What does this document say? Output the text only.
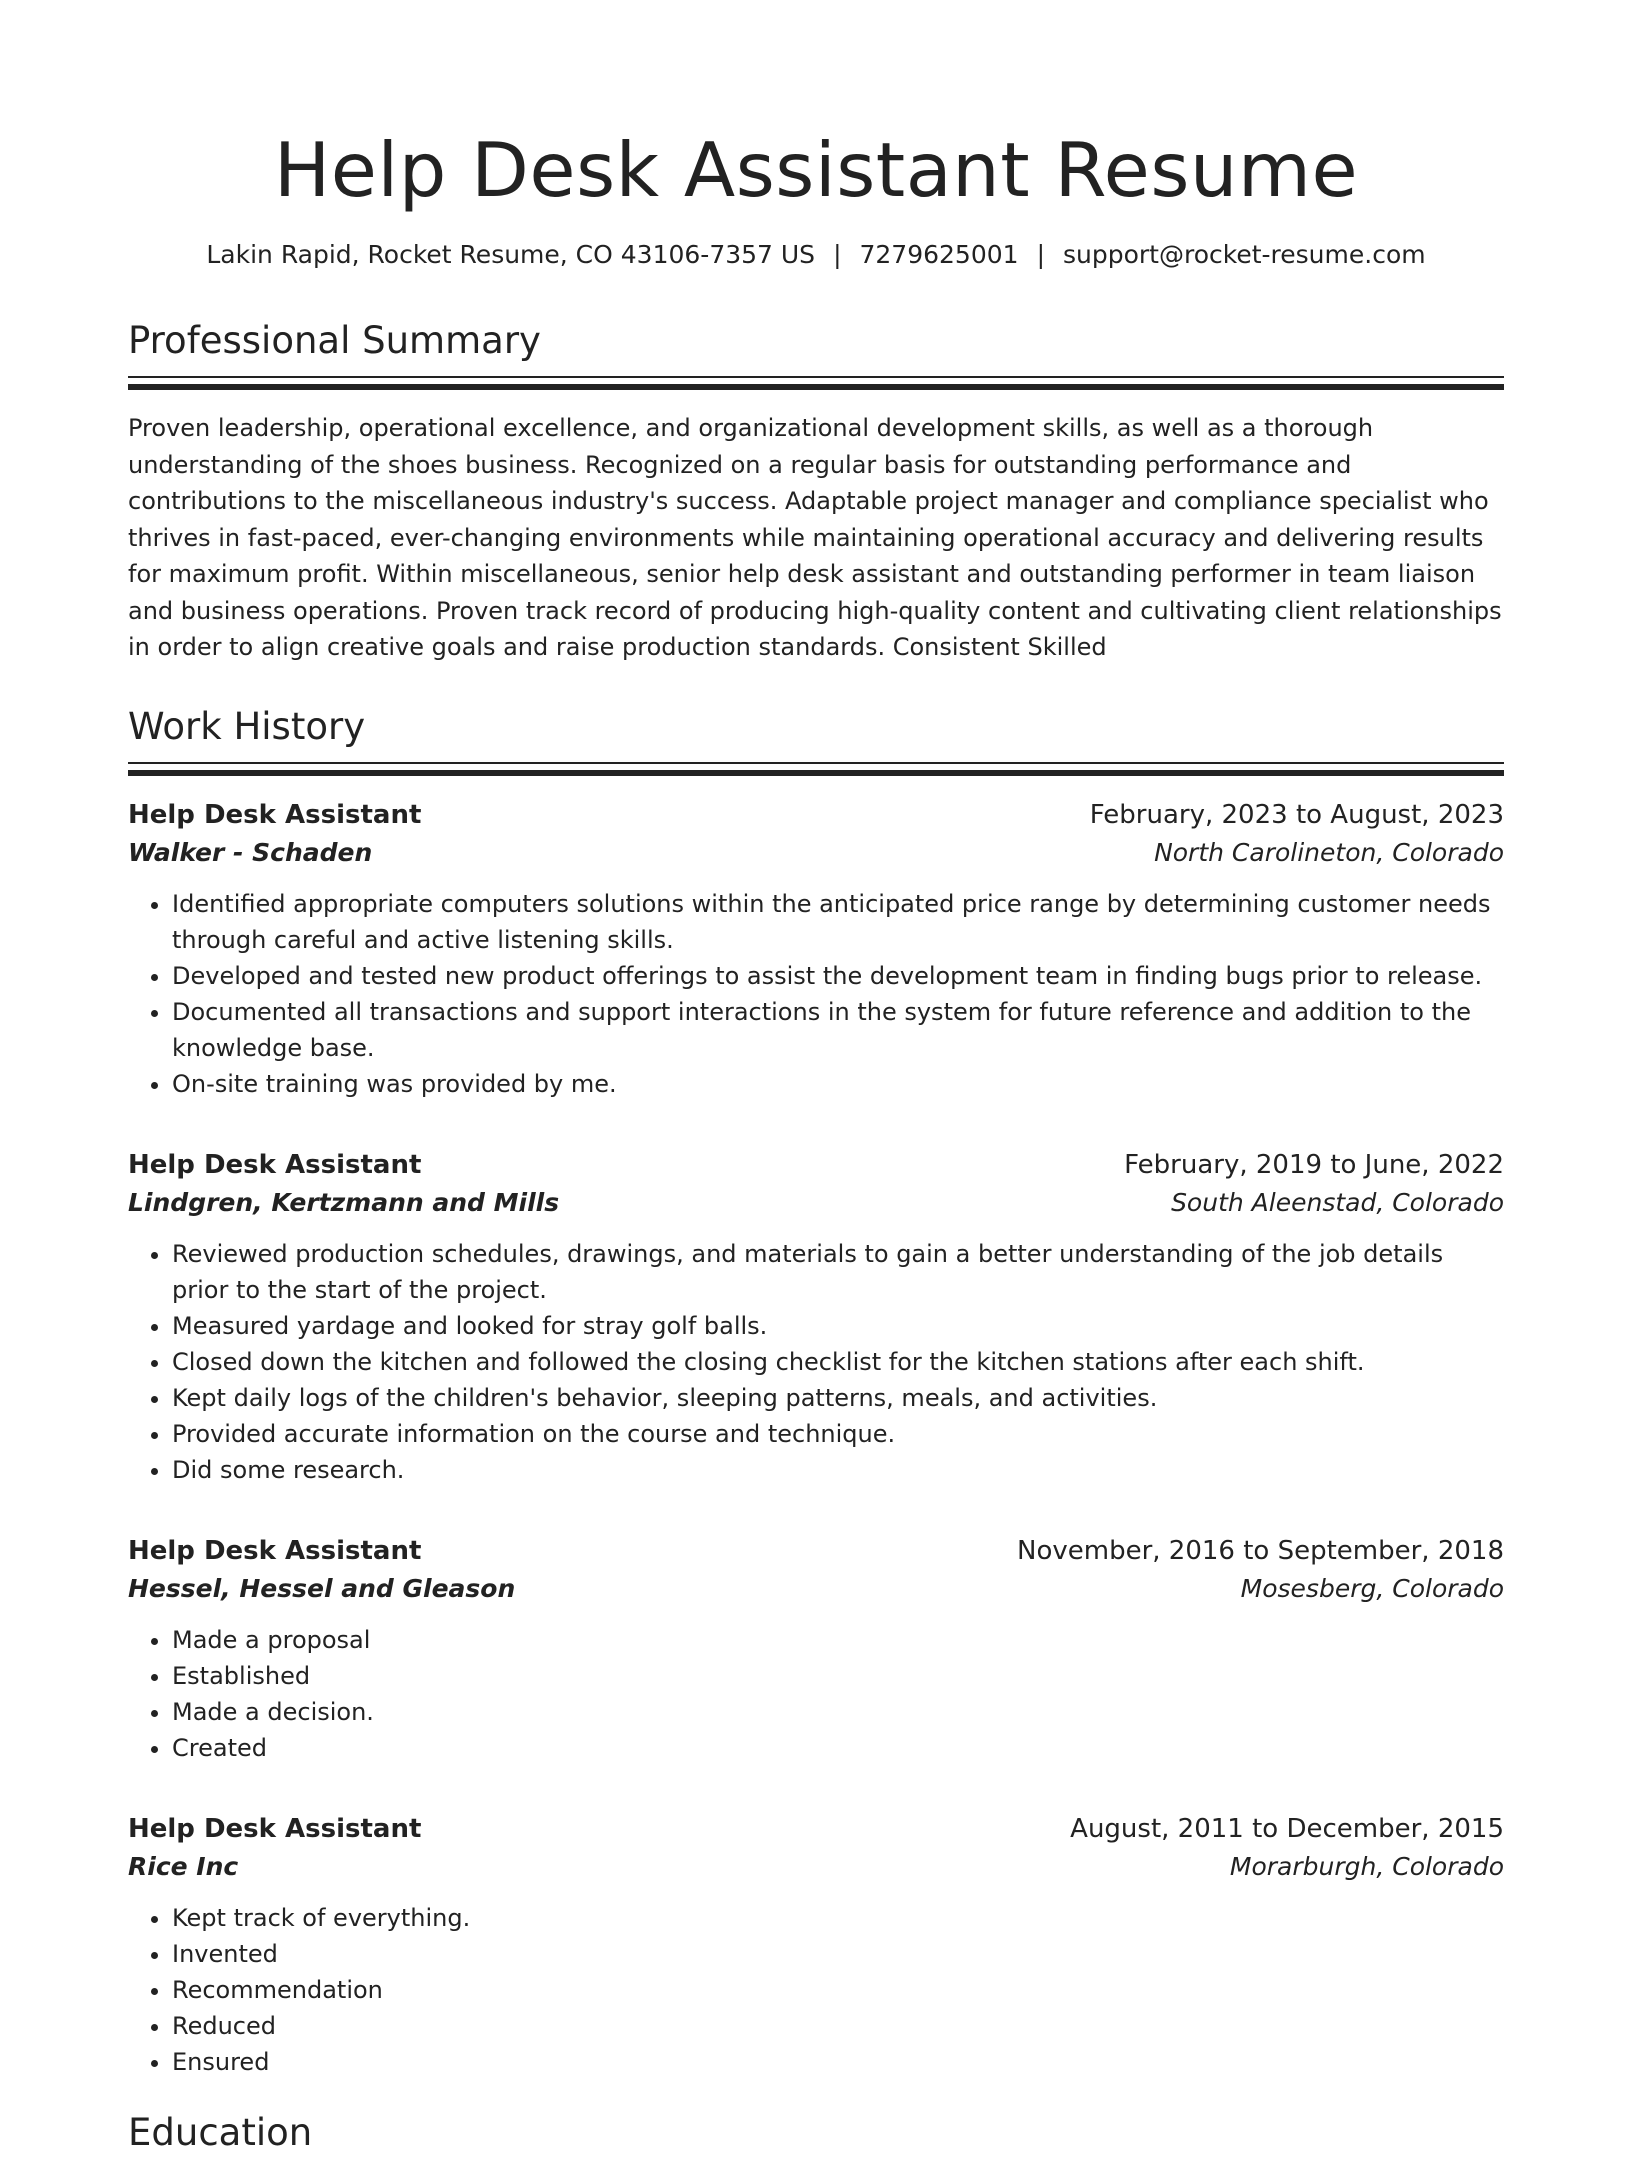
Help Desk Assistant Resume
Lakin Rapid, Rocket Resume, CO 43106-7357 US | 7279625001 | support@rocket-resume.com
Professional Summary

Proven leadership, operational excellence, and organizational development skills, as well as a thorough understanding of the shoes business. Recognized on a regular basis for outstanding performance and contributions to the miscellaneous industry's success. Adaptable project manager and compliance specialist who thrives in fast-paced, ever-changing environments while maintaining operational accuracy and delivering results for maximum profit. Within miscellaneous, senior help desk assistant and outstanding performer in team liaison and business operations. Proven track record of producing high-quality content and cultivating client relationships in order to align creative goals and raise production standards. Consistent Skilled

Work History
Help Desk Assistant	February, 2023 to August, 2023
Walker - Schaden	North Carolineton, Colorado
• Identified appropriate computers solutions within the anticipated price range by determining customer needs through careful and active listening skills.
• Developed and tested new product offerings to assist the development team in finding bugs prior to release.
• Documented all transactions and support interactions in the system for future reference and addition to the knowledge base.
• On-site training was provided by me.
Help Desk Assistant	February, 2019 to June, 2022
Lindgren, Kertzmann and Mills	South Aleenstad, Colorado
• Reviewed production schedules, drawings, and materials to gain a better understanding of the job details prior to the start of the project.
• Measured yardage and looked for stray golf balls.
• Closed down the kitchen and followed the closing checklist for the kitchen stations after each shift.
• Kept daily logs of the children's behavior, sleeping patterns, meals, and activities.
• Provided accurate information on the course and technique.
• Did some research.
Help Desk Assistant	November, 2016 to September, 2018
Hessel, Hessel and Gleason	Mosesberg, Colorado
• Made a proposal
• Established
• Made a decision.
• Created
Help Desk Assistant	August, 2011 to December, 2015
Rice Inc	Morarburgh, Colorado
• Kept track of everything.
• Invented
• Recommendation
• Reduced
• Ensured
Education
